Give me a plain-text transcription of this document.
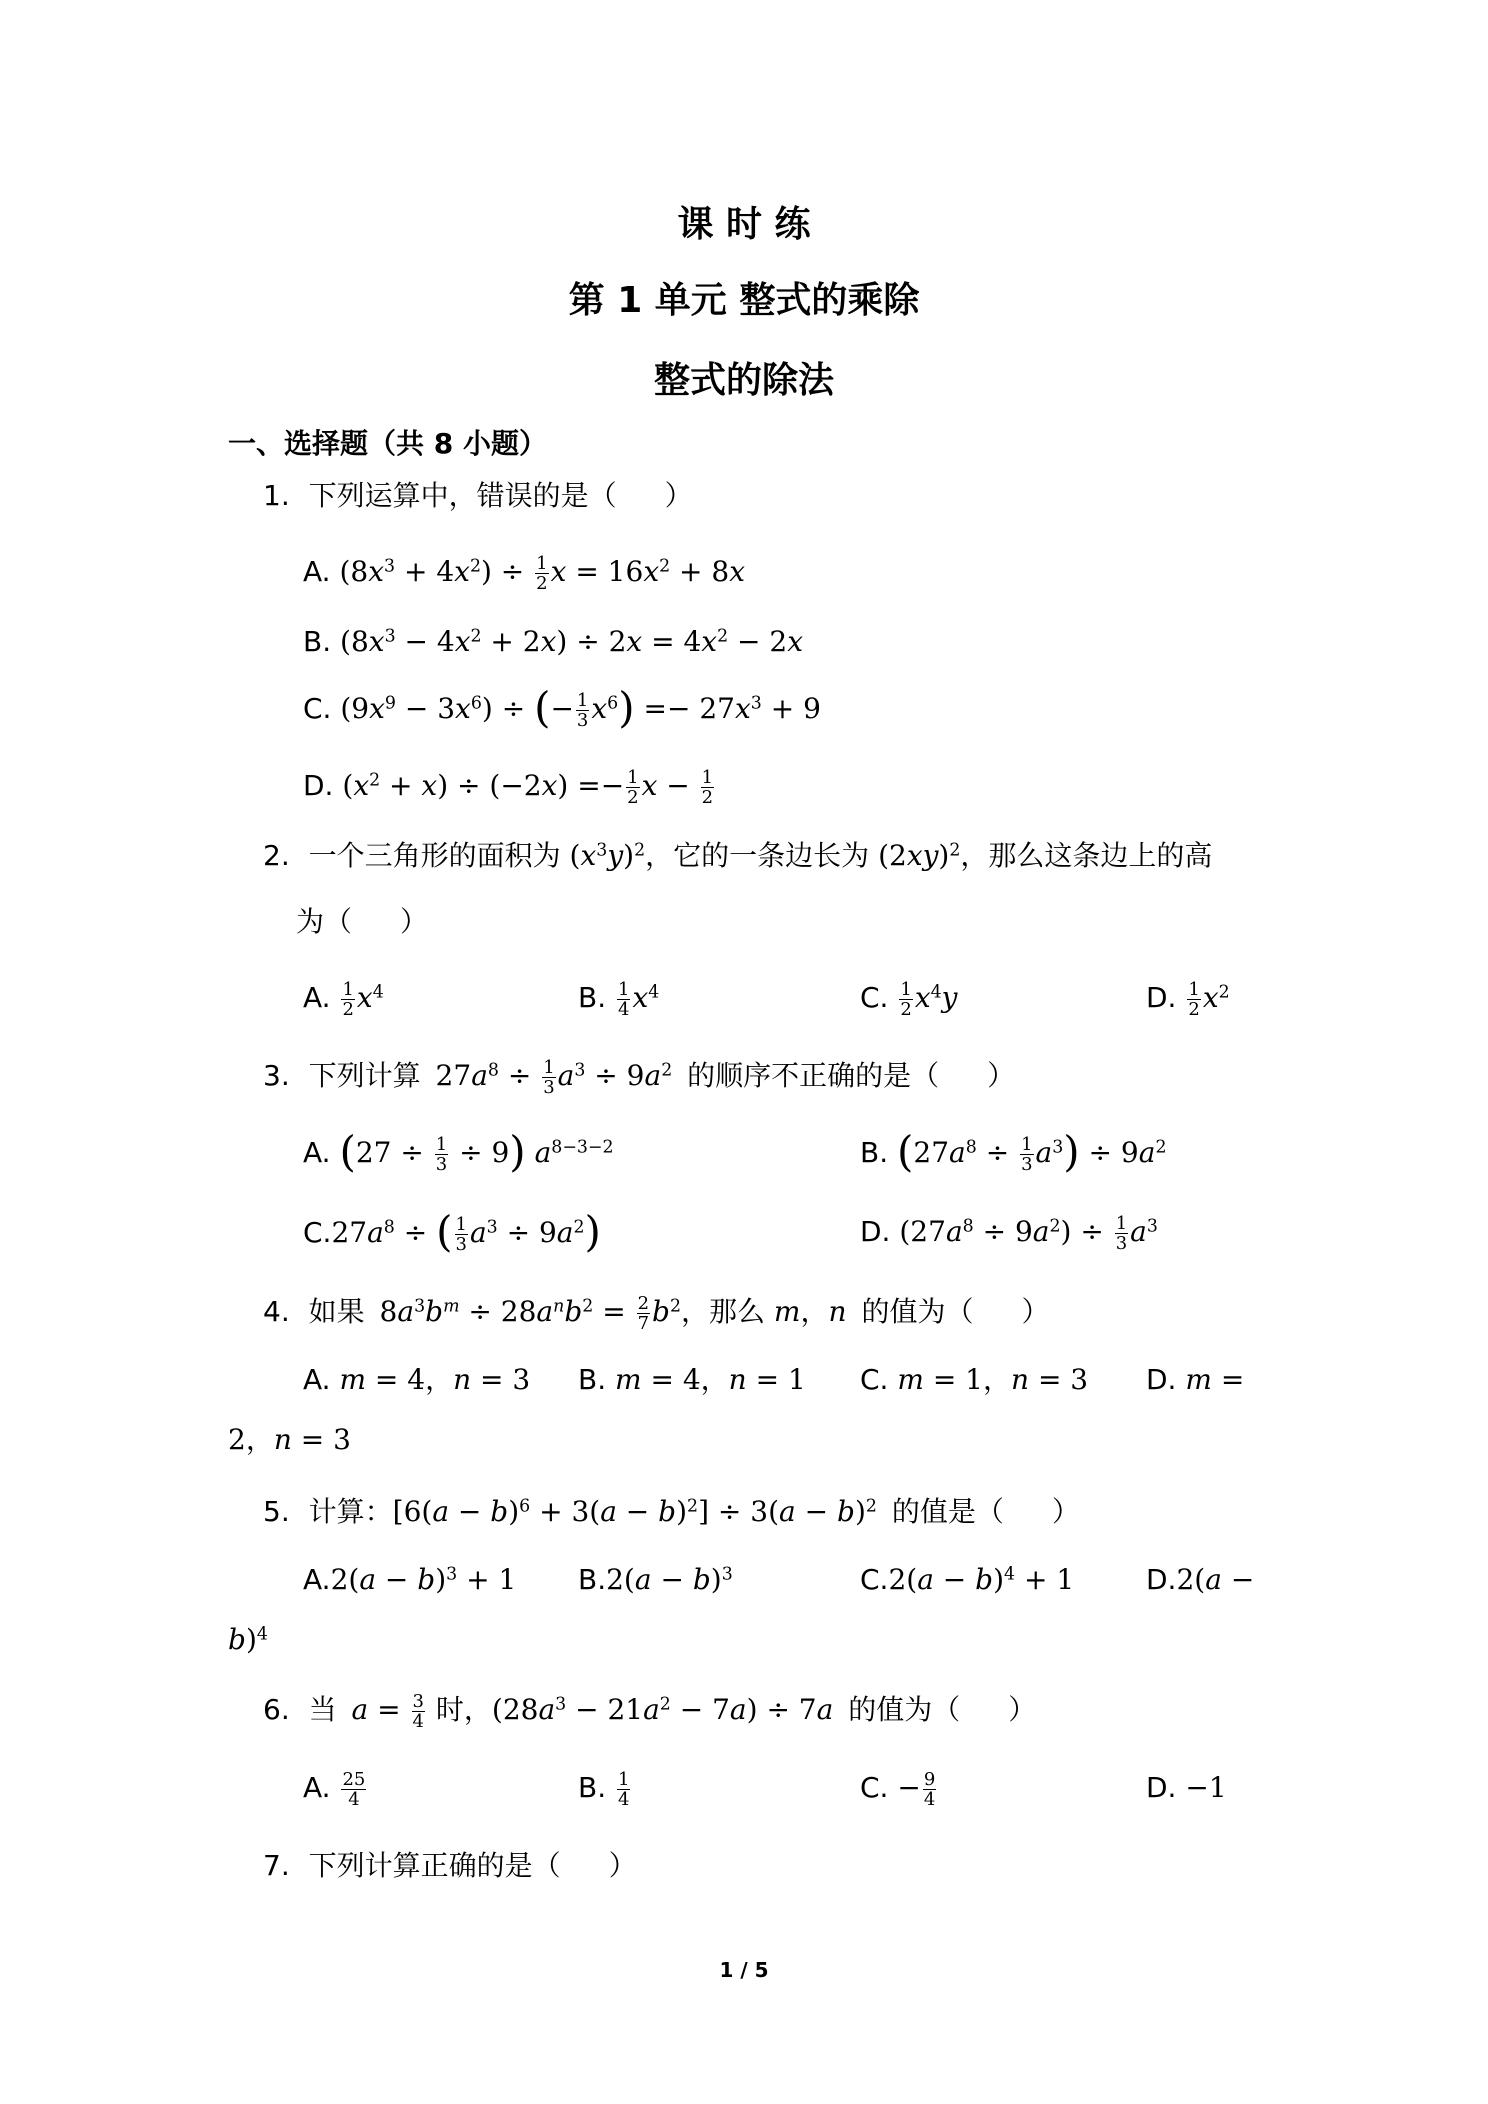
课 时 练
第 1 单元 整式的乘除
整式的除法
一、选择题（共 8 小题）
1. 下列运算中，错误的是（ ）
A. $(8x^3 + 4x^2) \div \frac{1}{2}$ $x = 16x^2 + 8x$
B. $(8x^3 - 4x^2 + 2x) \div 2x = 4x^2 - 2x$
C. $(9x^9 - 3x^6)$ ÷ (− $\frac{1}{3} x^6) =- 27x^3 + 9$
D. $(x^2 + x) \div (-2x) =- \frac{1}{2}$ $x - \frac{1}{2}$
2. 一个三角形的面积为 $(x^3y)^2$，它的一条边长为 $(2xy)^2$，那么这条边上的高
为（ ）
A. $\frac{1}{2} x^4$	B. $\frac{1}{4} x^4$	C. $\frac{1}{2} x^4y$	D. $\frac{1}{2} x^2$
3. 下列计算 $27a^8 \div \frac{1}{3} a^3 \div 9a^2$ 的顺序不正确的是（ ）
A. $(27 \div \frac{1}{3} \div 9)$ $a^{8-3-2}$	B. $(27a^8 \div \frac{1}{3} a^3) \div 9a^2$
$C.27a^8$ ÷ ( $\frac{1}{3} a^3 \div 9a^2$)	D. $(27a^8 \div 9a^2) \div \frac{1}{3} a^3$
4. 如果 $8a^3b^m \div 28a^nb^2 = \frac{2}{7} b^2$，那么 m，n 的值为（ ）
A. m = 4，n = 3 B. m = 4，n = 1 C. m = 1，n = 3 D. m =
2，n = 3
5. 计算：$[6(a - b)^6 + 3(a - b)^2] \div 3(a - b)^2$ 的值是（ ）
$A.2(a - b)^3 + 1$ $B.2(a - b)^3$	$C.2(a - b)^4 + 1$	D.2(a −
b)$^4$
6. 当 $a = \frac{3}{4}$ 时，$(28a^3 - 21a^2 - 7a) \div 7a$ 的值为（ ）
A. $\frac{25}{4}$	B. $\frac{1}{4}$	C. − $\frac{9}{4}$	D. −1
7. 下列计算正确的是（ ）
1 / 5
